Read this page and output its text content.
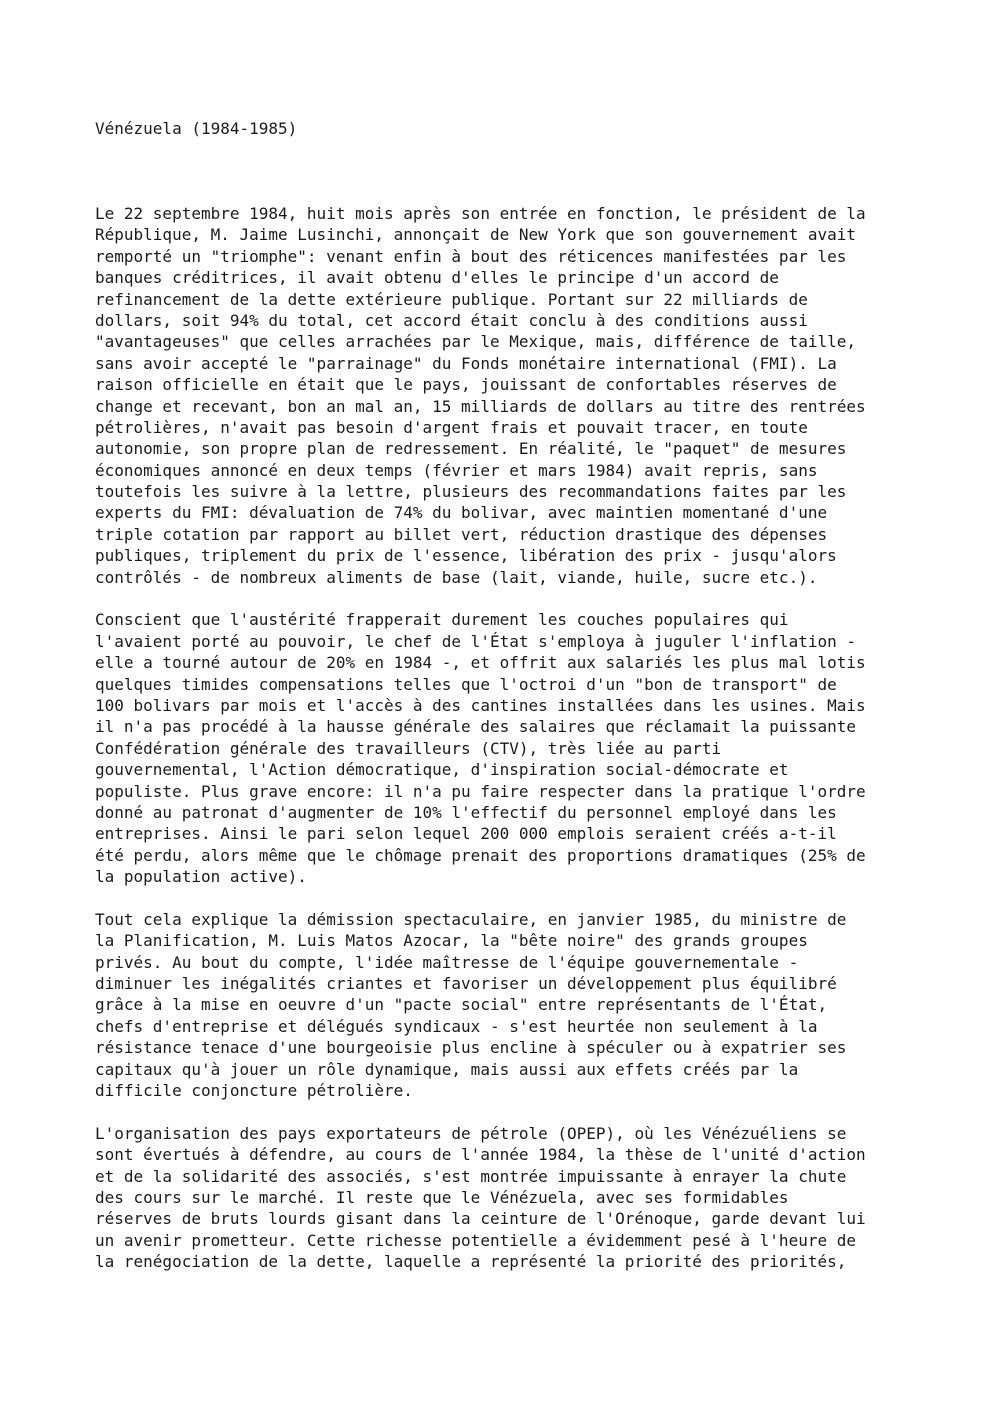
Vénézuela (1984-1985)

Le 22 septembre 1984, huit mois après son entrée en fonction, le président de la
République, M. Jaime Lusinchi, annonçait de New York que son gouvernement avait
remporté un "triomphe": venant enfin à bout des réticences manifestées par les
banques créditrices, il avait obtenu d'elles le principe d'un accord de
refinancement de la dette extérieure publique. Portant sur 22 milliards de
dollars, soit 94% du total, cet accord était conclu à des conditions aussi
"avantageuses" que celles arrachées par le Mexique, mais, différence de taille,
sans avoir accepté le "parrainage" du Fonds monétaire international (FMI). La
raison officielle en était que le pays, jouissant de confortables réserves de
change et recevant, bon an mal an, 15 milliards de dollars au titre des rentrées
pétrolières, n'avait pas besoin d'argent frais et pouvait tracer, en toute
autonomie, son propre plan de redressement. En réalité, le "paquet" de mesures
économiques annoncé en deux temps (février et mars 1984) avait repris, sans
toutefois les suivre à la lettre, plusieurs des recommandations faites par les
experts du FMI: dévaluation de 74% du bolivar, avec maintien momentané d'une
triple cotation par rapport au billet vert, réduction drastique des dépenses
publiques, triplement du prix de l'essence, libération des prix - jusqu'alors
contrôlés - de nombreux aliments de base (lait, viande, huile, sucre etc.).

Conscient que l'austérité frapperait durement les couches populaires qui
l'avaient porté au pouvoir, le chef de l'État s'employa à juguler l'inflation -
elle a tourné autour de 20% en 1984 -, et offrit aux salariés les plus mal lotis
quelques timides compensations telles que l'octroi d'un "bon de transport" de
100 bolivars par mois et l'accès à des cantines installées dans les usines. Mais
il n'a pas procédé à la hausse générale des salaires que réclamait la puissante
Confédération générale des travailleurs (CTV), très liée au parti
gouvernemental, l'Action démocratique, d'inspiration social-démocrate et
populiste. Plus grave encore: il n'a pu faire respecter dans la pratique l'ordre
donné au patronat d'augmenter de 10% l'effectif du personnel employé dans les
entreprises. Ainsi le pari selon lequel 200 000 emplois seraient créés a-t-il
été perdu, alors même que le chômage prenait des proportions dramatiques (25% de
la population active).

Tout cela explique la démission spectaculaire, en janvier 1985, du ministre de
la Planification, M. Luis Matos Azocar, la "bête noire" des grands groupes
privés. Au bout du compte, l'idée maîtresse de l'équipe gouvernementale -
diminuer les inégalités criantes et favoriser un développement plus équilibré
grâce à la mise en oeuvre d'un "pacte social" entre représentants de l'État,
chefs d'entreprise et délégués syndicaux - s'est heurtée non seulement à la
résistance tenace d'une bourgeoisie plus encline à spéculer ou à expatrier ses
capitaux qu'à jouer un rôle dynamique, mais aussi aux effets créés par la
difficile conjoncture pétrolière.

L'organisation des pays exportateurs de pétrole (OPEP), où les Vénézuéliens se
sont évertués à défendre, au cours de l'année 1984, la thèse de l'unité d'action
et de la solidarité des associés, s'est montrée impuissante à enrayer la chute
des cours sur le marché. Il reste que le Vénézuela, avec ses formidables
réserves de bruts lourds gisant dans la ceinture de l'Orénoque, garde devant lui
un avenir prometteur. Cette richesse potentielle a évidemment pesé à l'heure de
la renégociation de la dette, laquelle a représenté la priorité des priorités,
